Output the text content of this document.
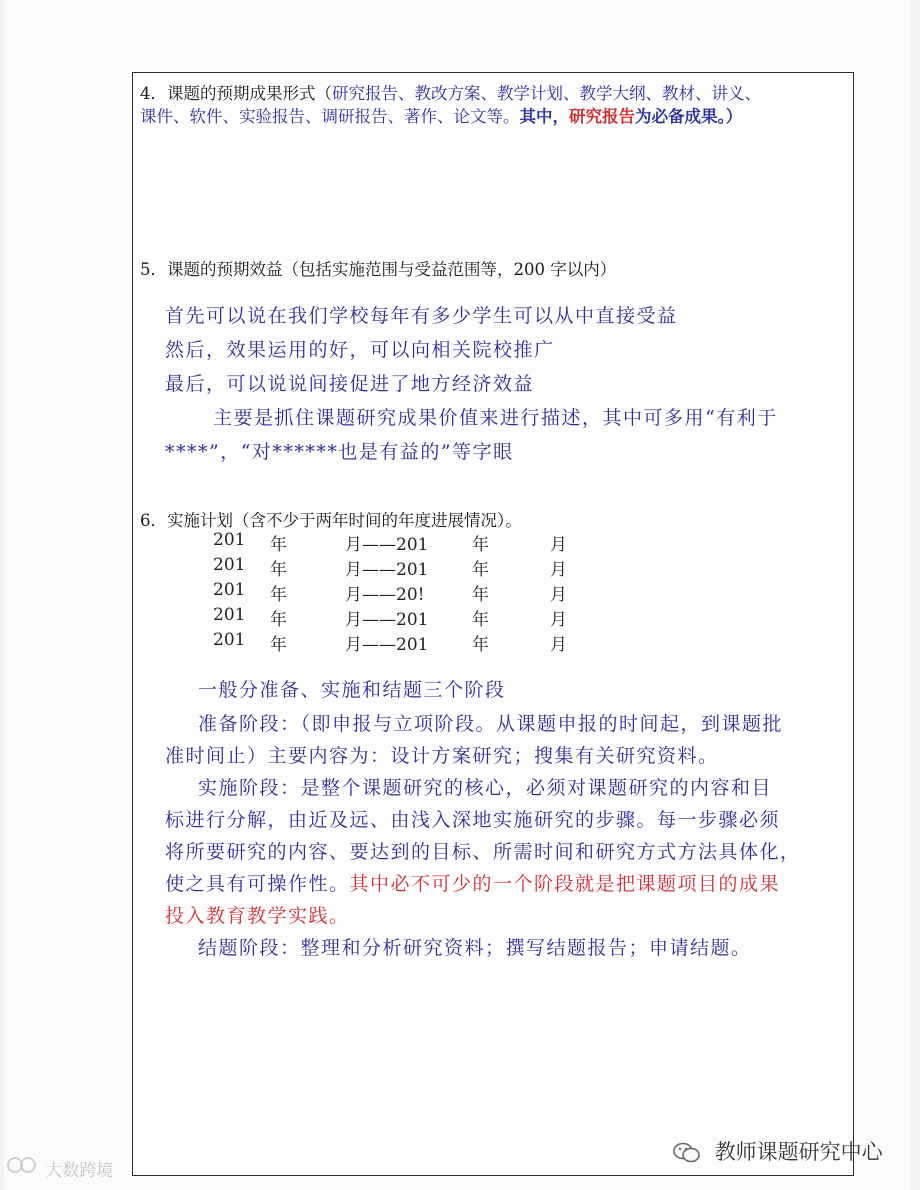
4．课题的预期成果形式（研究报告、教改方案、教学计划、教学大纲、教材、讲义、
课件、软件、实验报告、调研报告、著作、论文等。其中，研究报告为必备成果。）
5．课题的预期效益（包括实施范围与受益范围等，200 字以内）
首先可以说在我们学校每年有多少学生可以从中直接受益
然后，效果运用的好，可以向相关院校推广
最后，可以说说间接促进了地方经济效益
主要是抓住课题研究成果价值来进行描述，其中可多用“有利于
****”，“对******也是有益的”等字眼
6．实施计划（含不少于两年时间的年度进展情况）。
201 年	月——201	年	月
201 年	月——201	年	月
201 年	月——20!	年	月
201 年	月——201	年	月
201 年	月——201	年	月
一般分准备、实施和结题三个阶段
准备阶段：（即申报与立项阶段。从课题申报的时间起，到课题批
准时间止）主要内容为：设计方案研究；搜集有关研究资料。
实施阶段：是整个课题研究的核心，必须对课题研究的内容和目
标进行分解，由近及远、由浅入深地实施研究的步骤。每一步骤必须
将所要研究的内容、要达到的目标、所需时间和研究方式方法具体化，
使之具有可操作性。其中必不可少的一个阶段就是把课题项目的成果
投入教育教学实践。
结题阶段：整理和分析研究资料；撰写结题报告；申请结题。
大数跨境
教师课题研究中心
